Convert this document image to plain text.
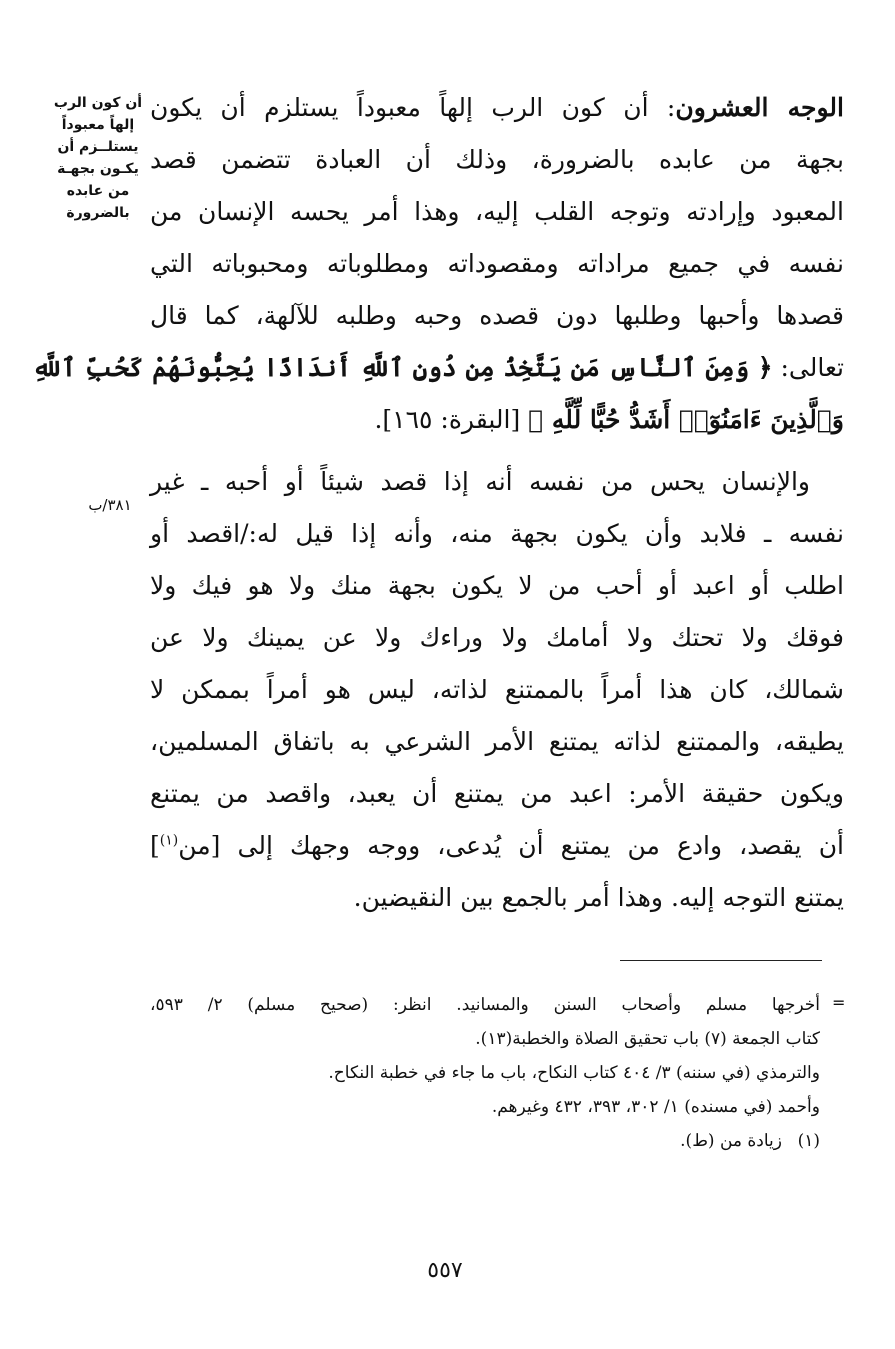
أن كون الرب
إلهاً معبوداً
يستلــزم أن
يكـون بجهـة
من عابده
بالضرورة
٣٨١/ب
الوجه العشرون: أن كون الرب إلهاً معبوداً يستلزم أن يكون
بجهة من عابده بالضرورة، وذلك أن العبادة تتضمن قصد
المعبود وإرادته وتوجه القلب إليه، وهذا أمر يحسه الإنسان من
نفسه في جميع مراداته ومقصوداته ومطلوباته ومحبوباته التي
قصدها وأحبها وطلبها دون قصده وحبه وطلبه للآلهة، كما قال
تعالى: ﴿ وَمِنَ ٱلنَّاسِ مَن يَتَّخِذُ مِن دُونِ ٱللَّهِ أَندَادًا يُحِبُّونَهُمْ كَحُبِّ ٱللَّهِ
وَٱلَّذِينَ ءَامَنُوٓا۟ أَشَدُّ حُبًّا لِّلَّهِ ﴾ [البقرة: ١٦٥].
والإنسان يحس من نفسه أنه إذا قصد شيئاً أو أحبه ـ غير
نفسه ـ فلابد وأن يكون بجهة منه، وأنه إذا قيل له:/اقصد أو
اطلب أو اعبد أو أحب من لا يكون بجهة منك ولا هو فيك ولا
فوقك ولا تحتك ولا أمامك ولا وراءك ولا عن يمينك ولا عن
شمالك، كان هذا أمراً بالممتنع لذاته، ليس هو أمراً بممكن لا
يطيقه، والممتنع لذاته يمتنع الأمر الشرعي به باتفاق المسلمين،
ويكون حقيقة الأمر: اعبد من يمتنع أن يعبد، واقصد من يمتنع
أن يقصد، وادع من يمتنع أن يُدعى، ووجه وجهك إلى [من$^{(١)}$]
يمتنع التوجه إليه. وهذا أمر بالجمع بين النقيضين.
=
أخرجها مسلم وأصحاب السنن والمسانيد. انظر: (صحيح مسلم) ٢/ ٥٩٣،
كتاب الجمعة (٧) باب تحقيق الصلاة والخطبة(١٣).
والترمذي (في سننه) ٣/ ٤٠٤ كتاب النكاح، باب ما جاء في خطبة النكاح.
وأحمد (في مسنده) ١/ ٣٠٢، ٣٩٣، ٤٣٢ وغيرهم.
(١)زيادة من (ط).
٥٥٧
